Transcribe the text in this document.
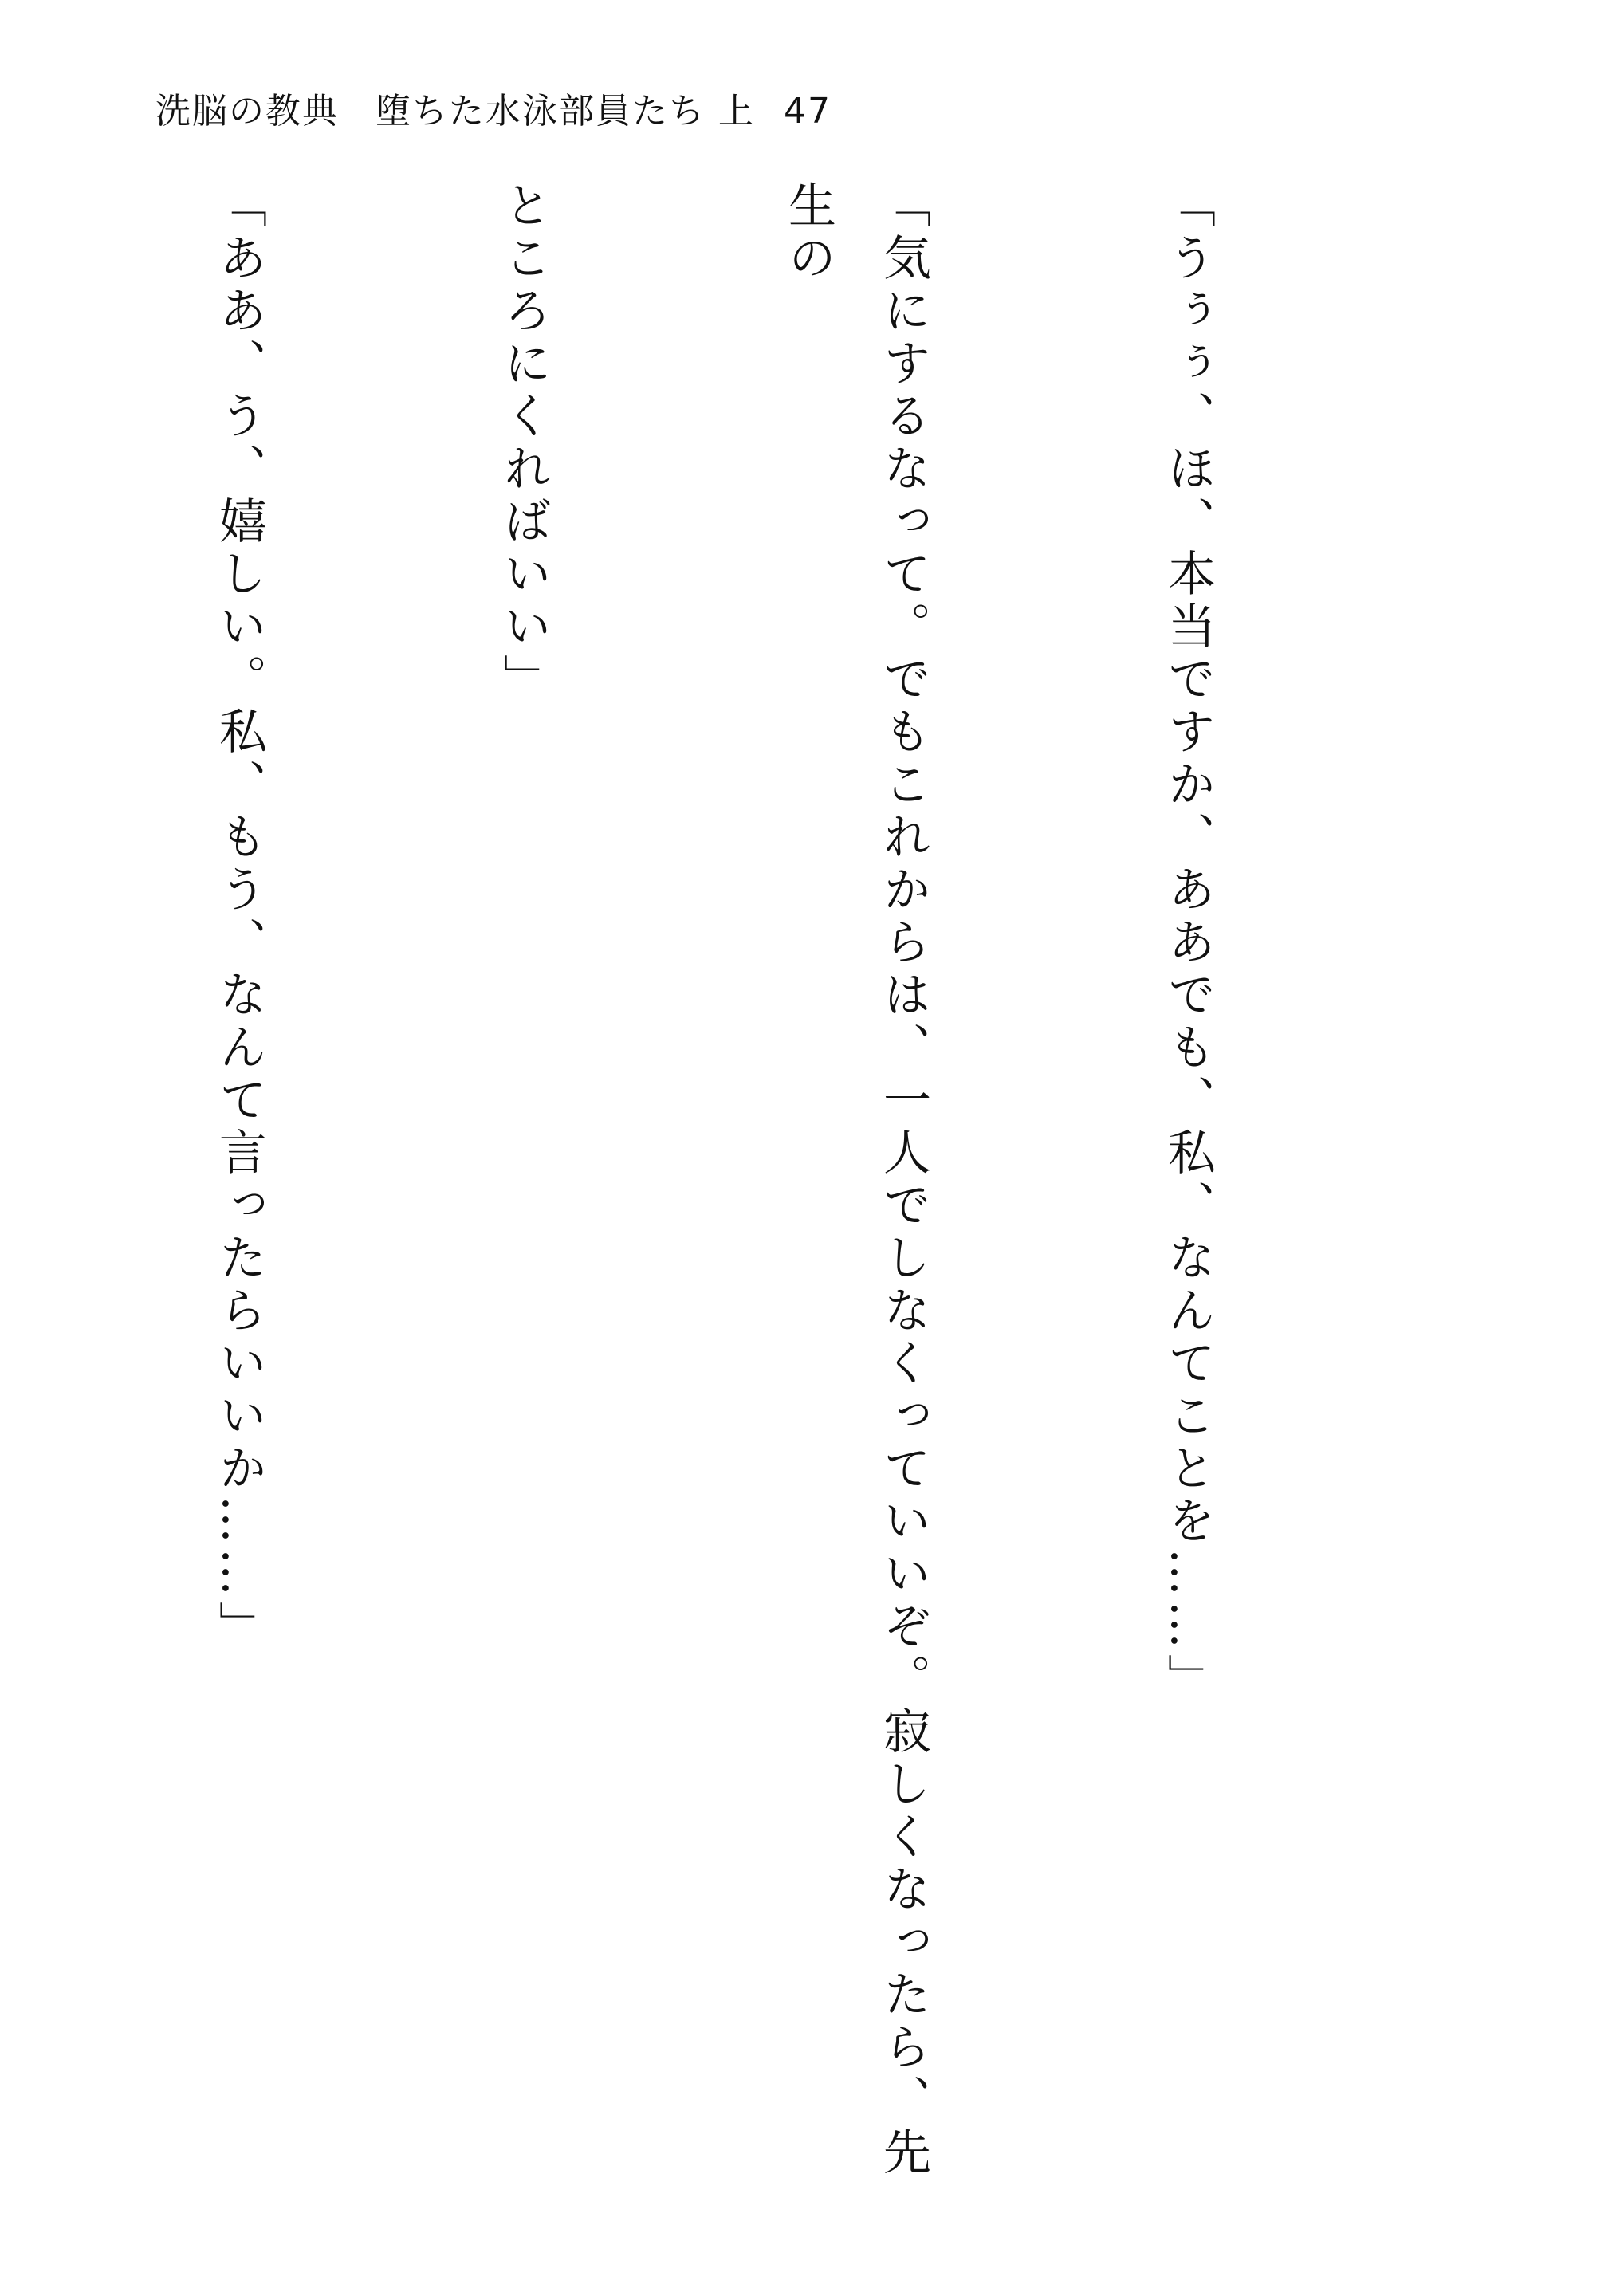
洗脳の教典　堕ちた水泳部員たち 上 47

「うぅぅ、ほ、本当ですか、ああでも、私、なんてことを……」

「気にするなって。でもこれからは、一人でしなくっていいぞ。寂しくなったら、先生の

ところにくればいい」

「ああ、う、嬉しい。私、もう、なんて言ったらいいか……」
